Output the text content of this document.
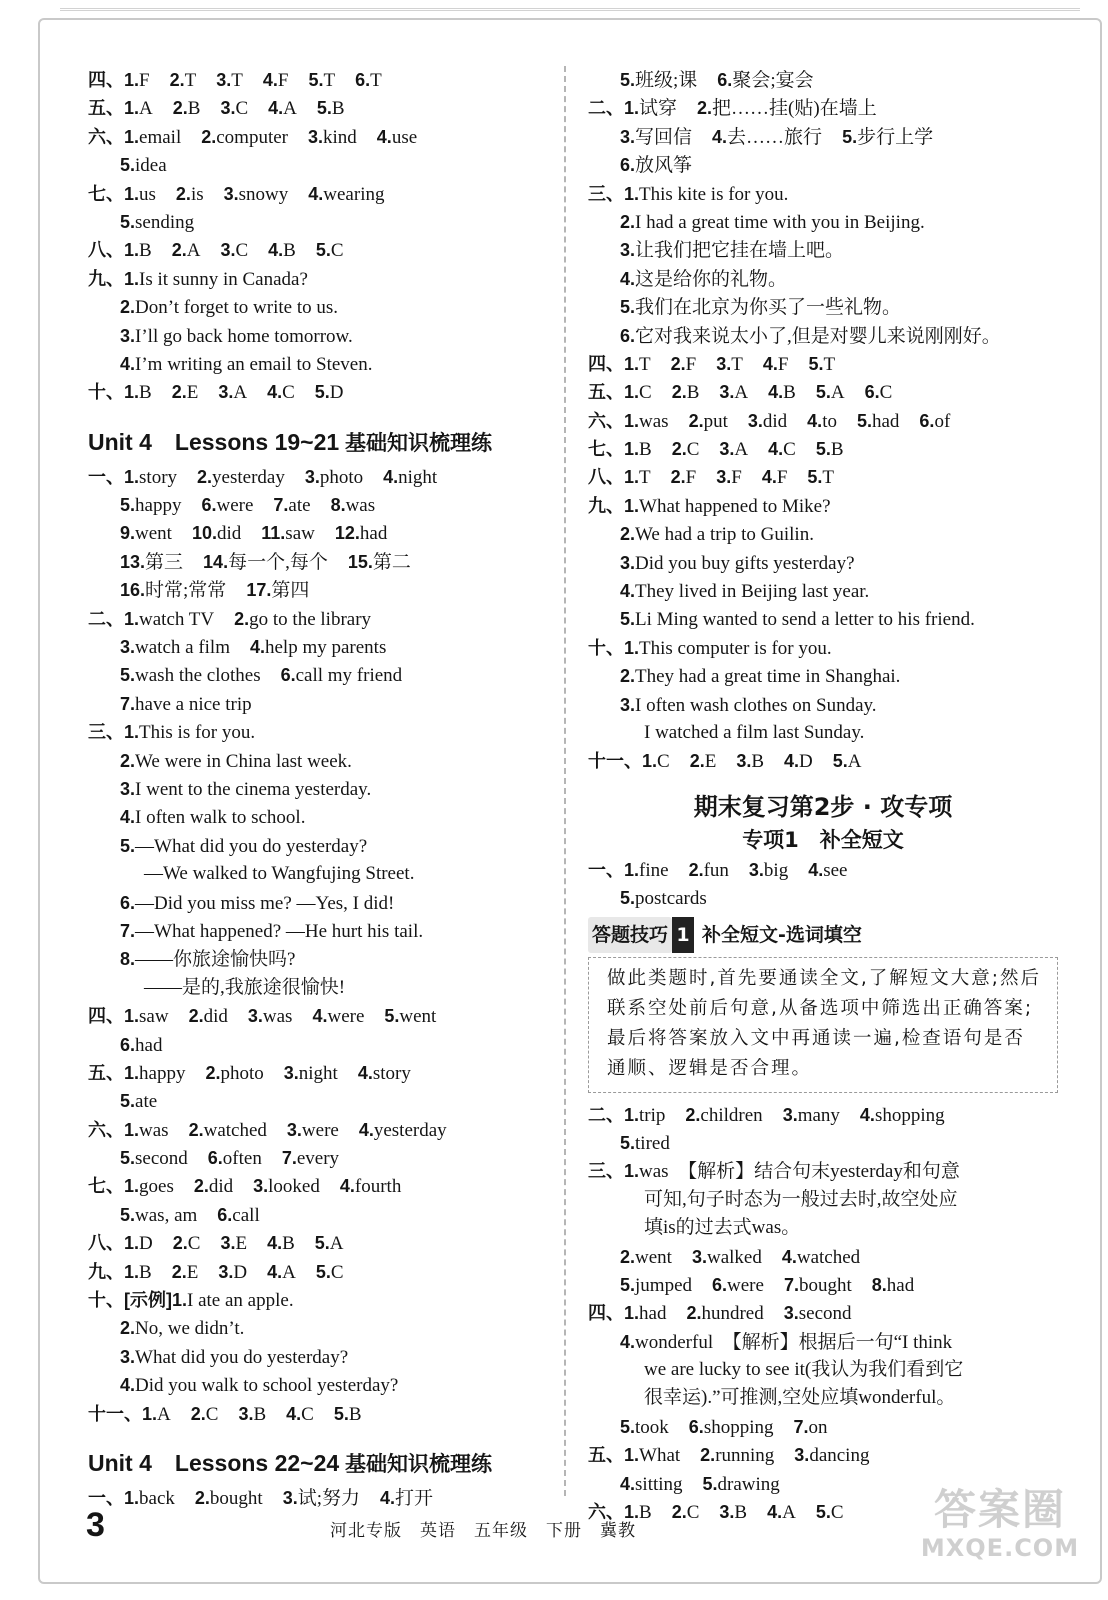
四、1.F 2.T 3.T 4.F 5.T 6.T
五、1.A 2.B 3.C 4.A 5.B
六、1.email 2.computer 3.kind 4.use
5.idea
七、1.us 2.is 3.snowy 4.wearing
5.sending
八、1.B 2.A 3.C 4.B 5.C
九、1.Is it sunny in Canada?
2.Don’t forget to write to us.
3.I’ll go back home tomorrow.
4.I’m writing an email to Steven.
十、1.B 2.E 3.A 4.C 5.D
Unit 4　Lessons 19~21 基础知识梳理练
一、1.story 2.yesterday 3.photo 4.night
5.happy 6.were 7.ate 8.was
9.went 10.did 11.saw 12.had
13.第三 14.每一个,每个 15.第二
16.时常;常常 17.第四
二、1.watch TV 2.go to the library
3.watch a film 4.help my parents
5.wash the clothes 6.call my friend
7.have a nice trip
三、1.This is for you.
2.We were in China last week.
3.I went to the cinema yesterday.
4.I often walk to school.
5.—What did you do yesterday?
—We walked to Wangfujing Street.
6.—Did you miss me? —Yes, I did!
7.—What happened? —He hurt his tail.
8.——你旅途愉快吗?
——是的,我旅途很愉快!
四、1.saw 2.did 3.was 4.were 5.went
6.had
五、1.happy 2.photo 3.night 4.story
5.ate
六、1.was 2.watched 3.were 4.yesterday
5.second 6.often 7.every
七、1.goes 2.did 3.looked 4.fourth
5.was, am 6.call
八、1.D 2.C 3.E 4.B 5.A
九、1.B 2.E 3.D 4.A 5.C
十、[示例]1.I ate an apple.
2.No, we didn’t.
3.What did you do yesterday?
4.Did you walk to school yesterday?
十一、1.A 2.C 3.B 4.C 5.B
Unit 4　Lessons 22~24 基础知识梳理练
一、1.back 2.bought 3.试;努力 4.打开
5.班级;课 6.聚会;宴会
二、1.试穿 2.把……挂(贴)在墙上
3.写回信 4.去……旅行 5.步行上学
6.放风筝
三、1.This kite is for you.
2.I had a great time with you in Beijing.
3.让我们把它挂在墙上吧。
4.这是给你的礼物。
5.我们在北京为你买了一些礼物。
6.它对我来说太小了,但是对婴儿来说刚刚好。
四、1.T 2.F 3.T 4.F 5.T
五、1.C 2.B 3.A 4.B 5.A 6.C
六、1.was 2.put 3.did 4.to 5.had 6.of
七、1.B 2.C 3.A 4.C 5.B
八、1.T 2.F 3.F 4.F 5.T
九、1.What happened to Mike?
2.We had a trip to Guilin.
3.Did you buy gifts yesterday?
4.They lived in Beijing last year.
5.Li Ming wanted to send a letter to his friend.
十、1.This computer is for you.
2.They had a great time in Shanghai.
3.I often wash clothes on Sunday.
I watched a film last Sunday.
十一、1.C 2.E 3.B 4.D 5.A
期末复习第2步 · 攻专项
专项1　补全短文
一、1.fine 2.fun 3.big 4.see
5.postcards
答题技巧 1 补全短文-选词填空
做此类题时,首先要通读全文,了解短文大意;然后联系空处前后句意,从备选项中筛选出正确答案;最后将答案放入文中再通读一遍,检查语句是否通顺、逻辑是否合理。
二、1.trip 2.children 3.many 4.shopping
5.tired
三、1.was　【解析】结合句末yesterday和句意
可知,句子时态为一般过去时,故空处应
填is的过去式was。
2.went 3.walked 4.watched
5.jumped 6.were 7.bought 8.had
四、1.had 2.hundred 3.second
4.wonderful　【解析】根据后一句“I think
we are lucky to see it(我认为我们看到它
很幸运).”可推测,空处应填wonderful。
5.took 6.shopping 7.on
五、1.What 2.running 3.dancing
4.sitting 5.drawing
六、1.B 2.C 3.B 4.A 5.C
3	河北专版　英语　五年级　下册　冀教	答案圈
MXQE.COM
